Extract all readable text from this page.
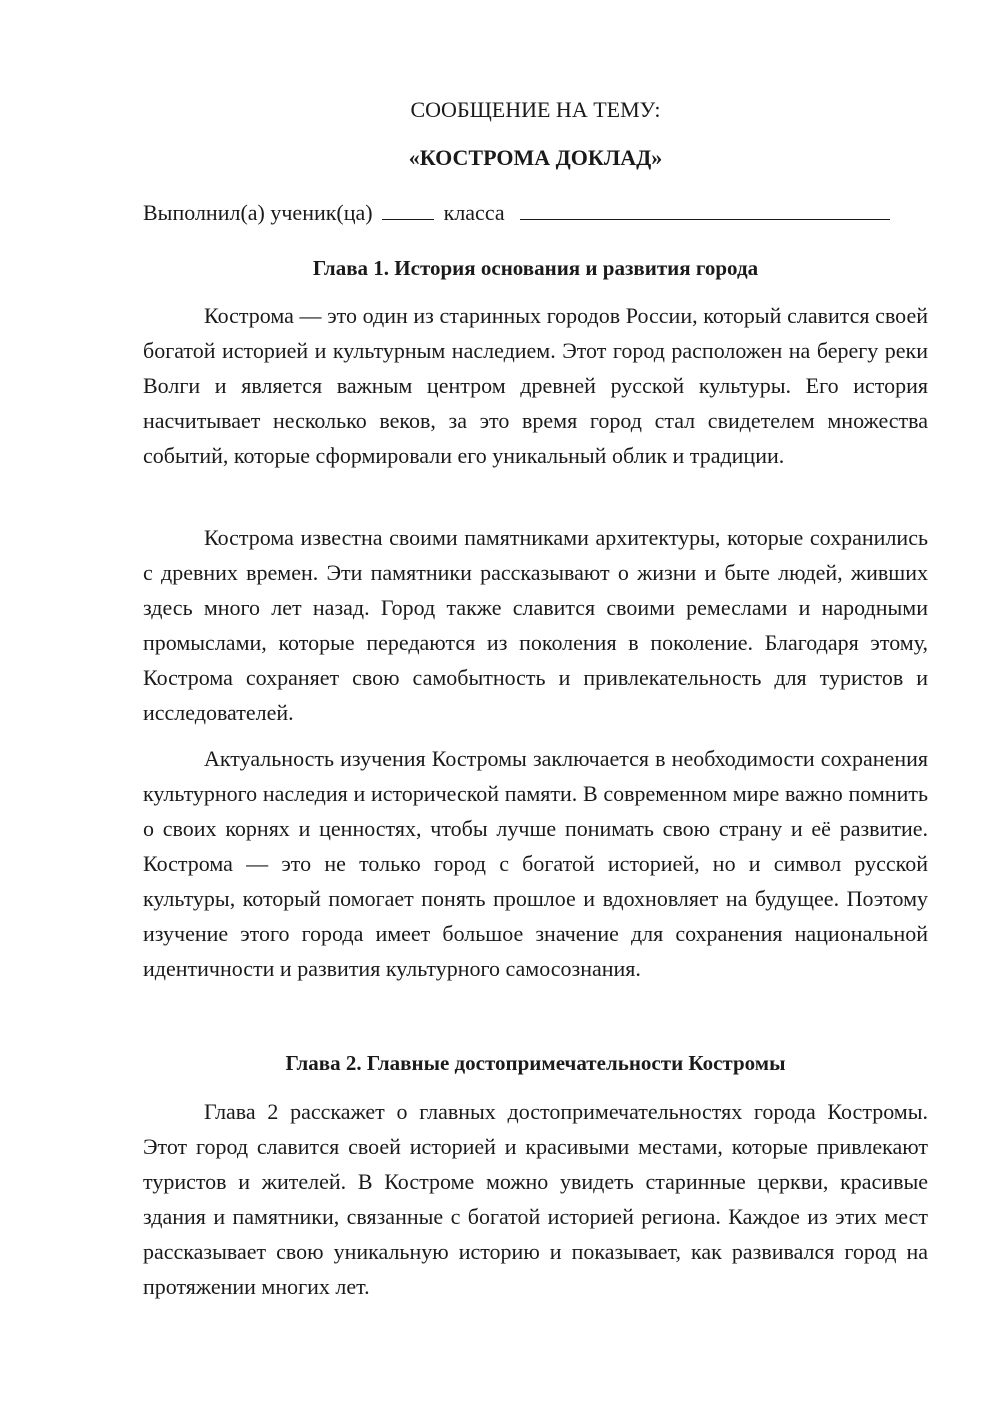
СООБЩЕНИЕ НА ТЕМУ:
«КОСТРОМА ДОКЛАД»
Выполнил(а) ученик(ца)	класса
Глава 1. История основания и развития города

Кострома — это один из старинных городов России, который славится своей богатой историей и культурным наследием. Этот город расположен на берегу реки Волги и является важным центром древней русской культуры. Его история насчитывает несколько веков, за это время город стал свидетелем множества событий, которые сформировали его уникальный облик и традиции.

Кострома известна своими памятниками архитектуры, которые сохранились с древних времен. Эти памятники рассказывают о жизни и быте людей, живших здесь много лет назад. Город также славится своими ремеслами и народными промыслами, которые передаются из поколения в поколение. Благодаря этому, Кострома сохраняет свою самобытность и привлекательность для туристов и исследователей.

Актуальность изучения Костромы заключается в необходимости сохранения культурного наследия и исторической памяти. В современном мире важно помнить о своих корнях и ценностях, чтобы лучше понимать свою страну и её развитие. Кострома — это не только город с богатой историей, но и символ русской культуры, который помогает понять прошлое и вдохновляет на будущее. Поэтому изучение этого города имеет большое значение для сохранения национальной идентичности и развития культурного самосознания.

Глава 2. Главные достопримечательности Костромы

Глава 2 расскажет о главных достопримечательностях города Костромы. Этот город славится своей историей и красивыми местами, которые привлекают туристов и жителей. В Костроме можно увидеть старинные церкви, красивые здания и памятники, связанные с богатой историей региона. Каждое из этих мест рассказывает свою уникальную историю и показывает, как развивался город на протяжении многих лет.
